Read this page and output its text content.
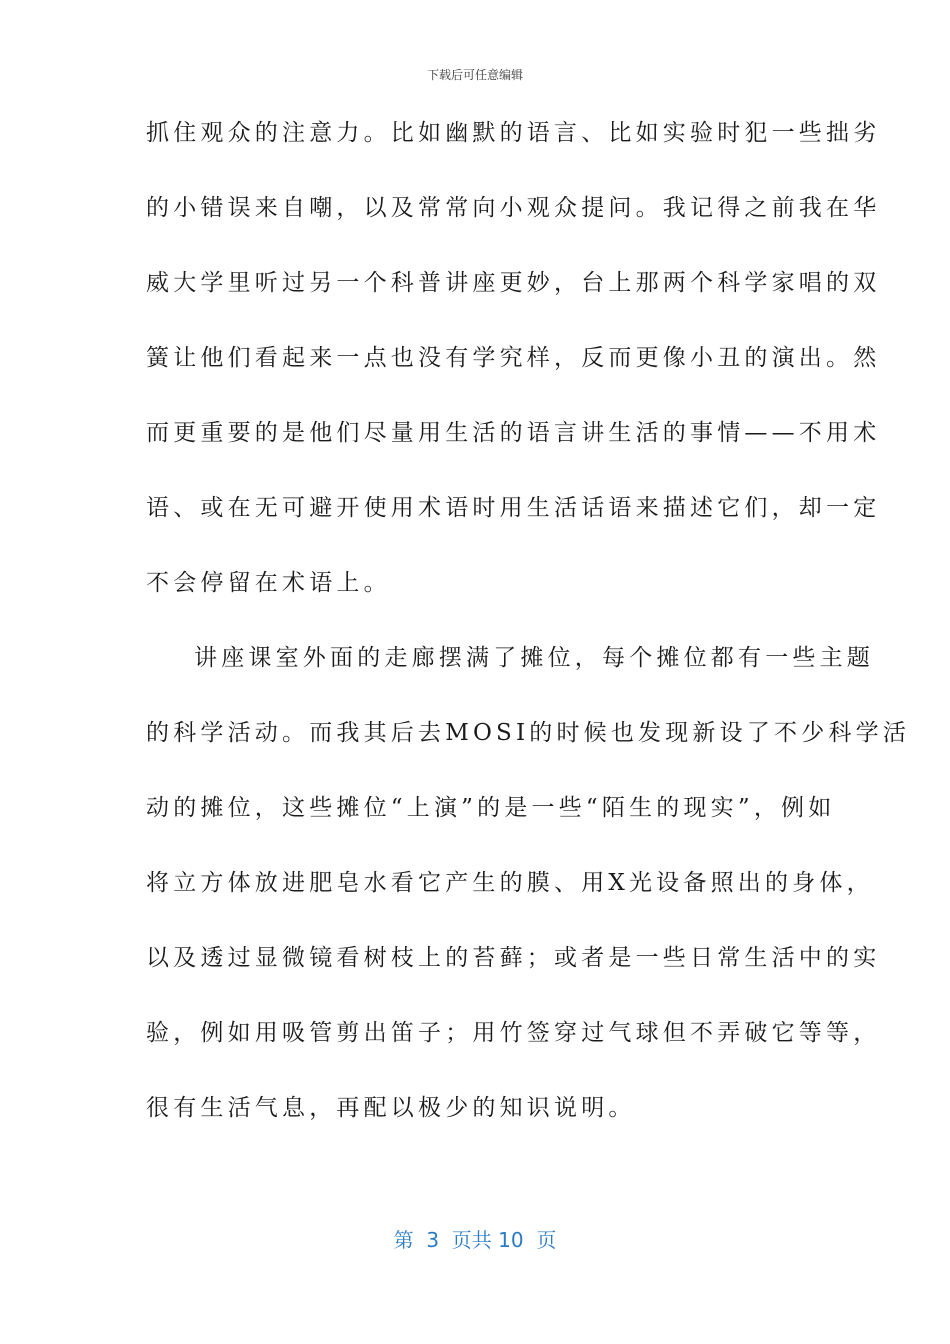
下载后可任意编辑
抓住观众的注意力。比如幽默的语言、比如实验时犯一些拙劣
的小错误来自嘲，以及常常向小观众提问。我记得之前我在华
威大学里听过另一个科普讲座更妙，台上那两个科学家唱的双
簧让他们看起来一点也没有学究样，反而更像小丑的演出。然
而更重要的是他们尽量用生活的语言讲生活的事情——不用术
语、或在无可避开使用术语时用生活话语来描述它们，却一定
不会停留在术语上。
讲座课室外面的走廊摆满了摊位，每个摊位都有一些主题
的科学活动。而我其后去MOSI的时候也发现新设了不少科学活
动的摊位，这些摊位“上演”的是一些“陌生的现实”，例如
将立方体放进肥皂水看它产生的膜、用X光设备照出的身体，
以及透过显微镜看树枝上的苔藓；或者是一些日常生活中的实
验，例如用吸管剪出笛子；用竹签穿过气球但不弄破它等等，
很有生活气息，再配以极少的知识说明。
第  3  页共 10  页
